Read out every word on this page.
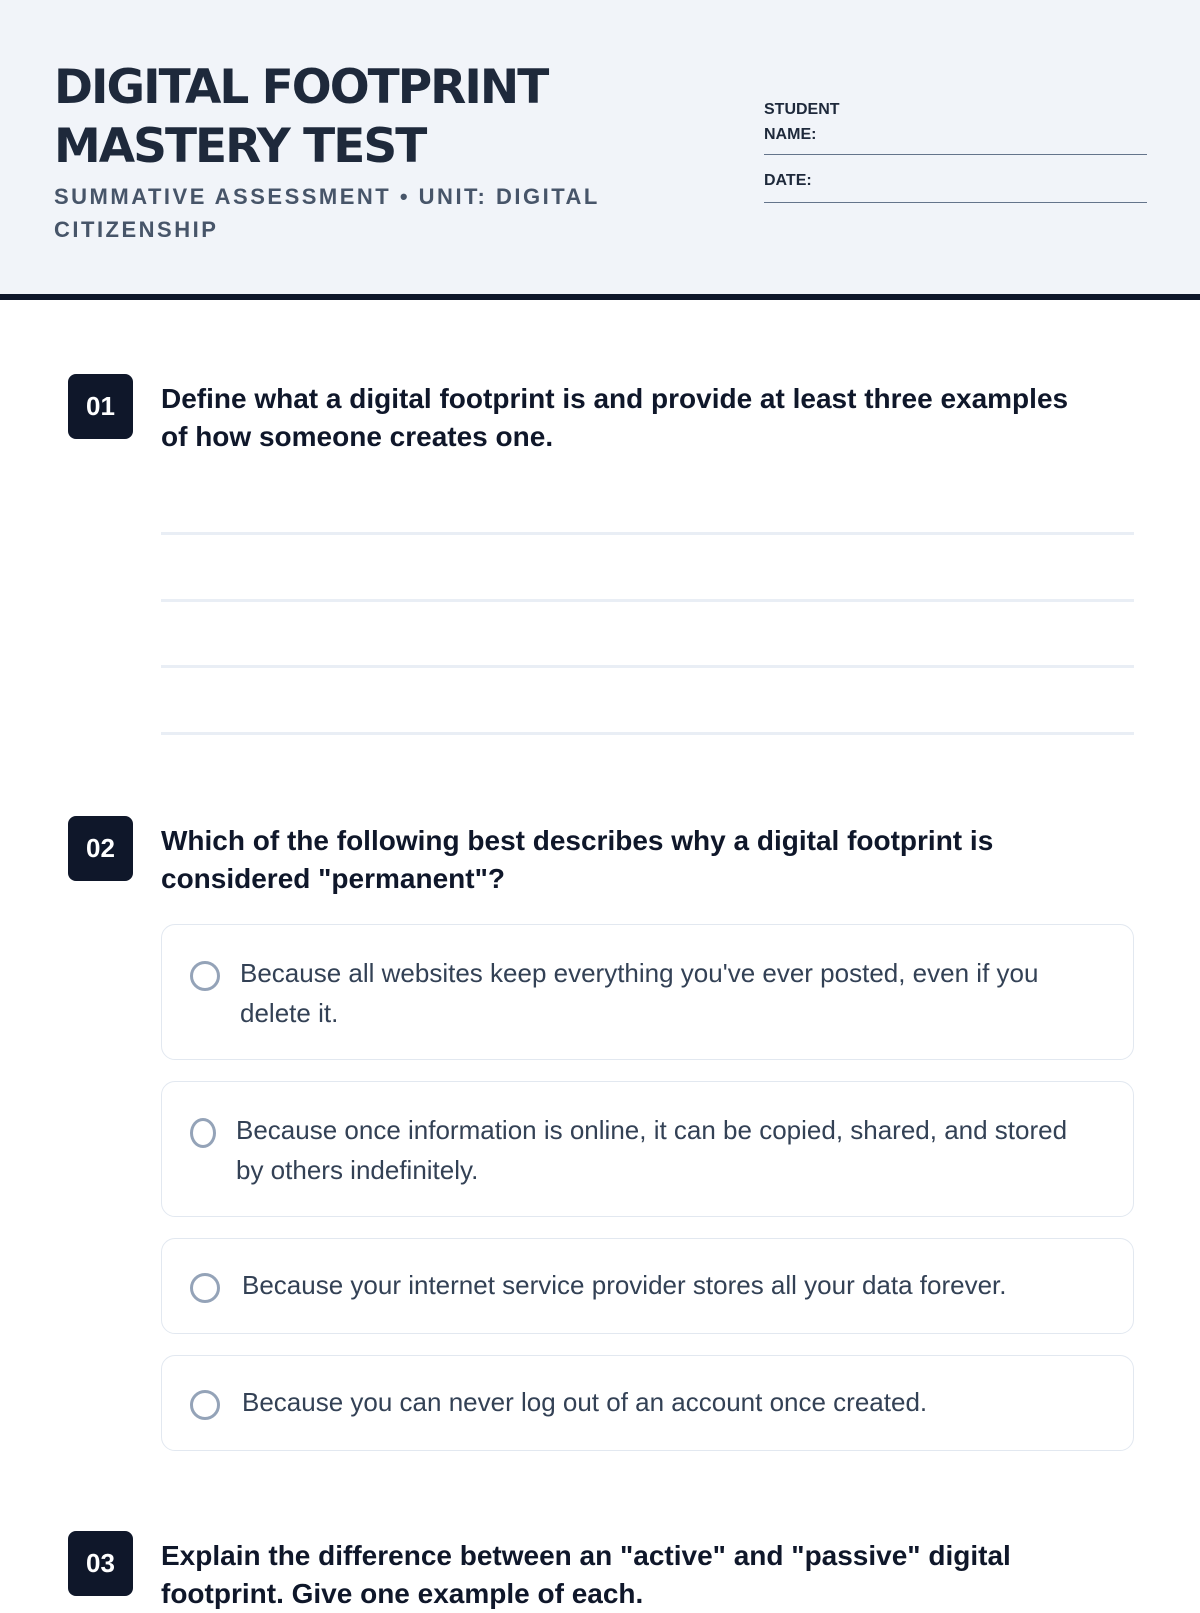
DIGITAL FOOTPRINT MASTERY TEST
SUMMATIVE ASSESSMENT • UNIT: DIGITAL CITIZENSHIP
STUDENT NAME:
DATE:
01	Define what a digital footprint is and provide at least three examples of how someone creates one.
02	Which of the following best describes why a digital footprint is considered "permanent"?
Because all websites keep everything you've ever posted, even if you delete it.
Because once information is online, it can be copied, shared, and stored by others indefinitely.
Because your internet service provider stores all your data forever.
Because you can never log out of an account once created.
03	Explain the difference between an "active" and "passive" digital footprint. Give one example of each.
